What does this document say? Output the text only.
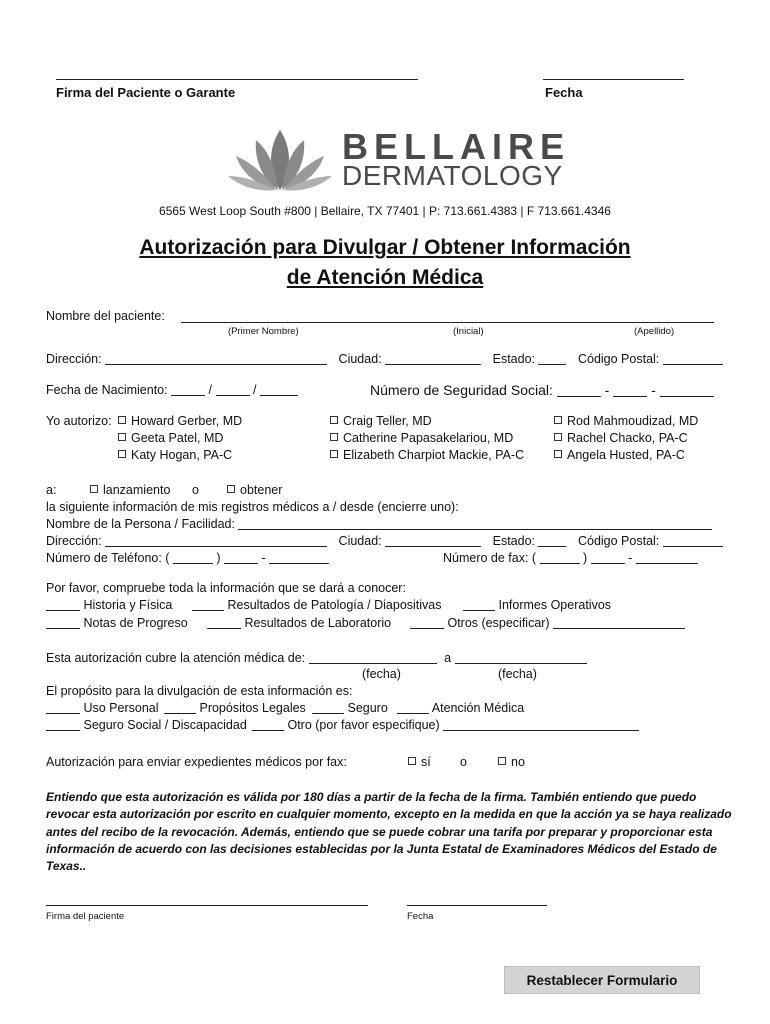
Firma del Paciente o Garante	Fecha
BELLAIRE
DERMATOLOGY
6565 West Loop South #800 | Bellaire, TX 77401 | P: 713.661.4383 | F 713.661.4346
Autorización para Divulgar / Obtener Información
de Atención Médica
Nombre del paciente:
(Primer Nombre)	(Inicial)	(Apellido)
Dirección:	Ciudad:	Estado:	Código Postal:
Fecha de Nacimiento:	/	/	Número de Seguridad Social:	-  -
Yo autorizo:	Howard Gerber, MD	Craig Teller, MD	Rod Mahmoudizad, MD
Geeta Patel, MD	Catherine Papasakelariou, MD	Rachel Chacko, PA-C
Katy Hogan, PA-C	Elizabeth Charpiot Mackie, PA-C	Angela Husted, PA-C
a:	lanzamiento o	obtener
la siguiente información de mis registros médicos a / desde (encierre uno):
Nombre de la Persona / Facilidad:
Dirección:	Ciudad:	Estado:	Código Postal:
Número de Teléfono: (	)	-	Número de fax: (	)	-
Por favor, compruebe toda la información que se dará a conocer:
Historia y Física	Resultados de Patología / Diapositivas	Informes Operativos
Notas de Progreso	Resultados de Laboratorio	Otros (especificar)
Esta autorización cubre la atención médica de:	a
(fecha)	(fecha)
El propósito para la divulgación de esta información es:
Uso Personal	Propósitos Legales	Seguro	Atención Médica
Seguro Social / Discapacidad	Otro (por favor especifique)
Autorización para enviar expedientes médicos por fax:	sí o	no
Entiendo que esta autorización es válida por 180 días a partir de la fecha de la firma. También entiendo que puedo revocar esta autorización por escrito en cualquier momento, excepto en la medida en que la acción ya se haya realizado antes del recibo de la revocación. Además, entiendo que se puede cobrar una tarifa por preparar y proporcionar esta información de acuerdo con las decisiones establecidas por la Junta Estatal de Examinadores Médicos del Estado de Texas..
Firma del paciente	Fecha
Restablecer Formulario
